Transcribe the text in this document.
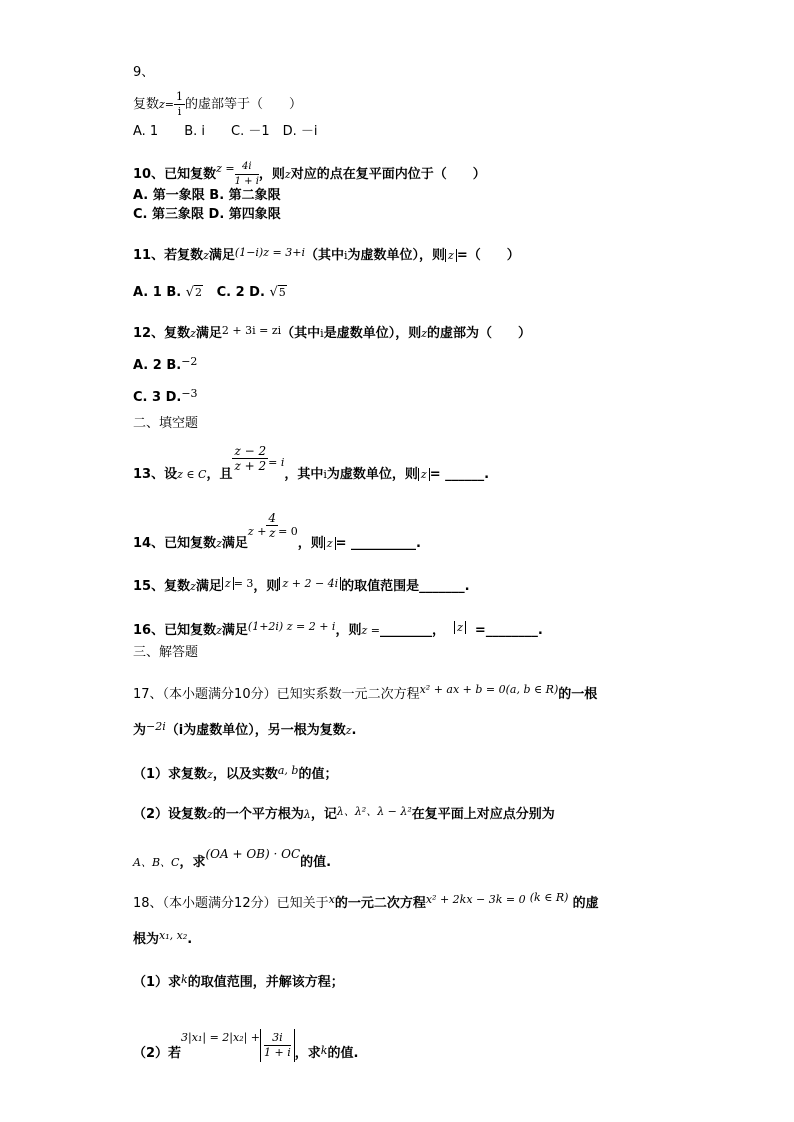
9、
复数$z= \frac{1}{i}$ 的虚部等于（　　）
A. 1　　B. i　　C. －1　D. －i
10、已知复数$^{z =} \frac{4i}{1 + i}$ ，则z对应的点在复平面内位于（　　）
A. 第一象限 B. 第二象限
C. 第三象限 D. 第四象限
11、若复数z满足$^{(1-i)z = 3+i}$（其中i为虚数单位），则 z =（　　）
A. 1 B. √2 C. 2 D. √5
12、复数z满足$^{2 + 3i = zi}$（其中i是虚数单位），则z的虚部为（　　）
A. 2 B.$^{-2}$
C. 3 D.$^{-3}$
二、填空题
13、设z ∈ C，且
$\frac{z - 2}{z + 2} ^{= i}$，其中i为虚数单位，则 z = ______.
14、已知复数z满足$^{z +} \frac{4}{z} ^{= 0}$，则 z = __________.
15、复数z满足 $^z$ $^{= 3}$，则 $^{z + 2 - 4i}$ 的取值范围是_______.
16、已知复数z满足$^{(1+2i) z = 2 + i}$，则z =________， $^z$ =________.
三、解答题
17、（本小题满分10分）已知实系数一元二次方程$^{x^2 + ax + b = 0(a, b \in R)}$的一根
为$^{-2i}$（i为虚数单位），另一根为复数z.
（1）求复数z，以及实数$^{a, b}$的值；
（2）设复数z的一个平方根为λ，记$^{\lambda、\lambda^2、\lambda - \lambda^2}$在复平面上对应点分别为
A、B、C，求(OA + OB) · OC的值.
18、（本小题满分12分）已知关于$^x$的一元二次方程$^{x^2 + 2kx - 3k = 0}$ $^{(k \in R)}$ 的虚
根为$^{x_1, x_2}$.
（1）求$^k$的取值范围，并解该方程；
（2）若$^{3|x_1| = 2|x_2| +} \frac{3i}{1 + i}$ ，求$^k$的值.
